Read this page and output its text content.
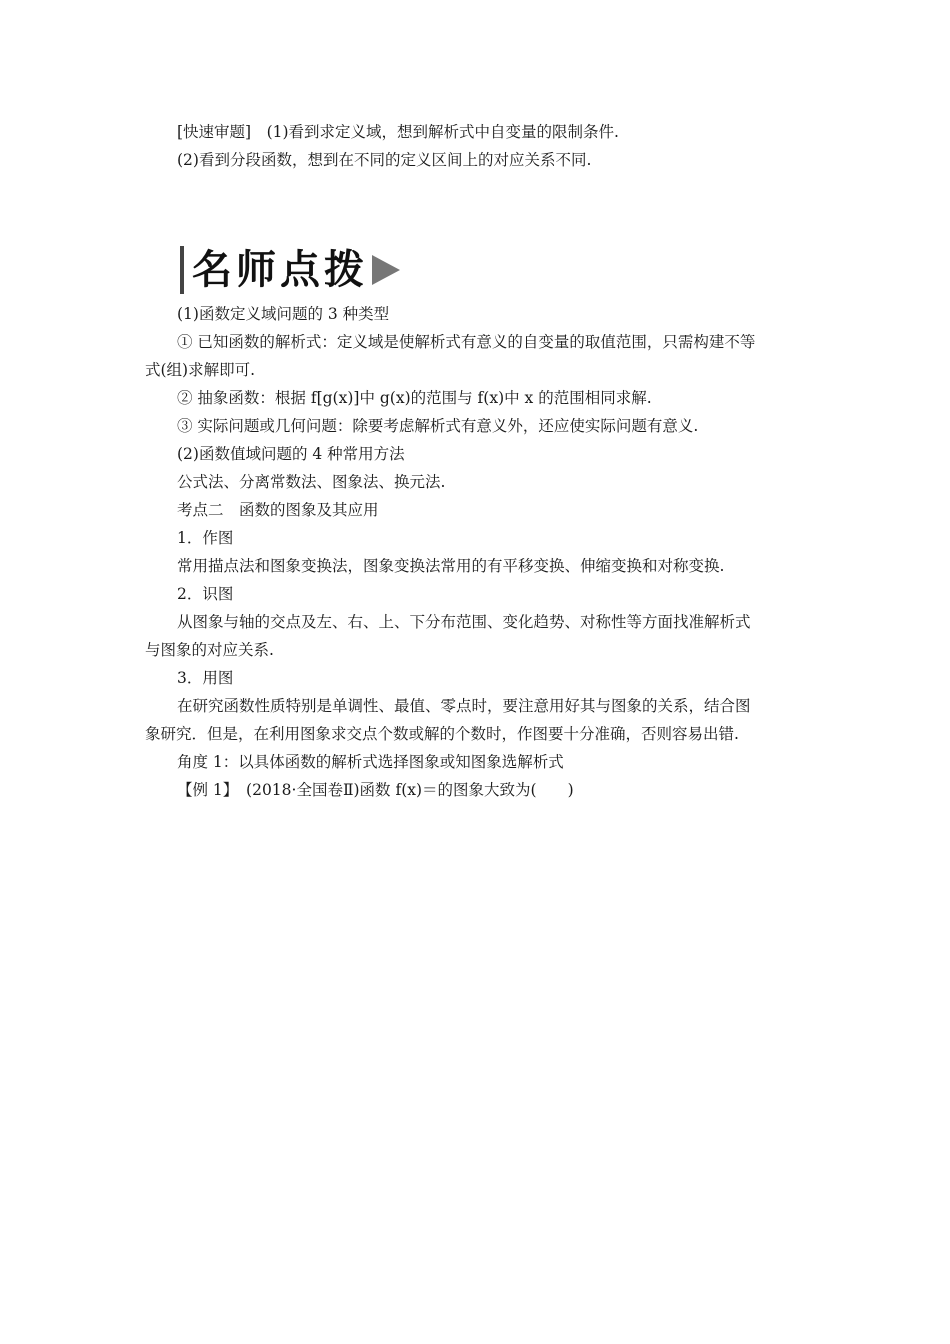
[快速审题]　(1)看到求定义域，想到解析式中自变量的限制条件.
(2)看到分段函数，想到在不同的定义区间上的对应关系不同.
名师点拨
(1)函数定义域问题的 3 种类型
① 已知函数的解析式：定义域是使解析式有意义的自变量的取值范围，只需构建不等
式(组)求解即可.
② 抽象函数：根据 f[g(x)]中 g(x)的范围与 f(x)中 x 的范围相同求解.
③ 实际问题或几何问题：除要考虑解析式有意义外，还应使实际问题有意义.
(2)函数值域问题的 4 种常用方法
公式法、分离常数法、图象法、换元法.
考点二　函数的图象及其应用
1．作图
常用描点法和图象变换法，图象变换法常用的有平移变换、伸缩变换和对称变换.
2．识图
从图象与轴的交点及左、右、上、下分布范围、变化趋势、对称性等方面找准解析式
与图象的对应关系.
3．用图
在研究函数性质特别是单调性、最值、零点时，要注意用好其与图象的关系，结合图
象研究．但是，在利用图象求交点个数或解的个数时，作图要十分准确，否则容易出错.
角度 1：以具体函数的解析式选择图象或知图象选解析式
【例 1】　(2018·全国卷Ⅱ)函数 f(x)＝的图象大致为(　　)
